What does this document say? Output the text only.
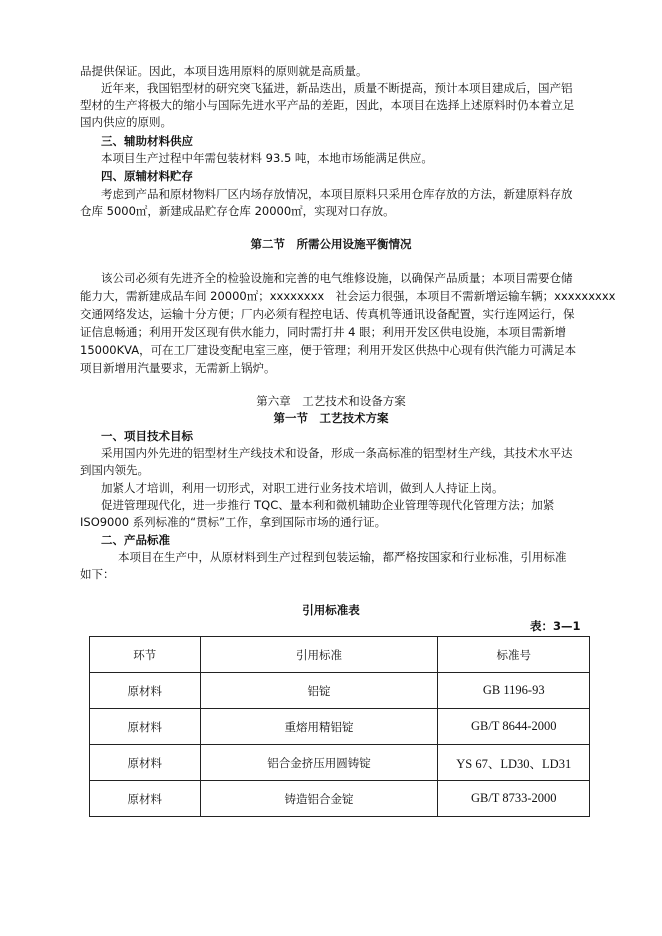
品提供保证。因此，本项目选用原料的原则就是高质量。
近年来，我国铝型材的研究突飞猛进，新品迭出，质量不断提高，预计本项目建成后，国产铝
型材的生产将极大的缩小与国际先进水平产品的差距，因此，本项目在选择上述原料时仍本着立足
国内供应的原则。
三、辅助材料供应
本项目生产过程中年需包装材料 93.5 吨，本地市场能满足供应。
四、原辅材料贮存
考虑到产品和原材物料厂区内场存放情况，本项目原料只采用仓库存放的方法，新建原料存放
仓库 5000㎡，新建成品贮存仓库 20000㎡，实现对口存放。
第二节　所需公用设施平衡情况
该公司必须有先进齐全的检验设施和完善的电气维修设施，以确保产品质量；本项目需要仓储
能力大，需新建成品车间 20000㎡；xxxxxxxx　社会运力很强，本项目不需新增运输车辆；xxxxxxxxx
交通网络发达，运输十分方便；厂内必须有程控电话、传真机等通讯设备配置，实行连网运行，保
证信息畅通；利用开发区现有供水能力，同时需打井 4 眼；利用开发区供电设施，本项目需新增
15000KVA，可在工厂建设变配电室三座，便于管理；利用开发区供热中心现有供汽能力可满足本
项目新增用汽量要求，无需新上锅炉。
第六章　工艺技术和设备方案
第一节　工艺技术方案
一、项目技术目标
采用国内外先进的铝型材生产线技术和设备，形成一条高标准的铝型材生产线，其技术水平达
到国内领先。
加紧人才培训，利用一切形式，对职工进行业务技术培训，做到人人持证上岗。
促进管理现代化，进一步推行 TQC、量本利和微机辅助企业管理等现代化管理方法；加紧
ISO9000 系列标准的“贯标”工作，拿到国际市场的通行证。
二、产品标准
本项目在生产中，从原材料到生产过程到包装运输，都严格按国家和行业标准，引用标准
如下：
引用标准表
表：3—1
环节	引用标准	标准号
原材料	铝锭	GB 1196-93
原材料	重熔用精铝锭	GB/T 8644-2000
原材料	铝合金挤压用圆铸锭	YS 67、LD30、LD31
原材料	铸造铝合金锭	GB/T 8733-2000
